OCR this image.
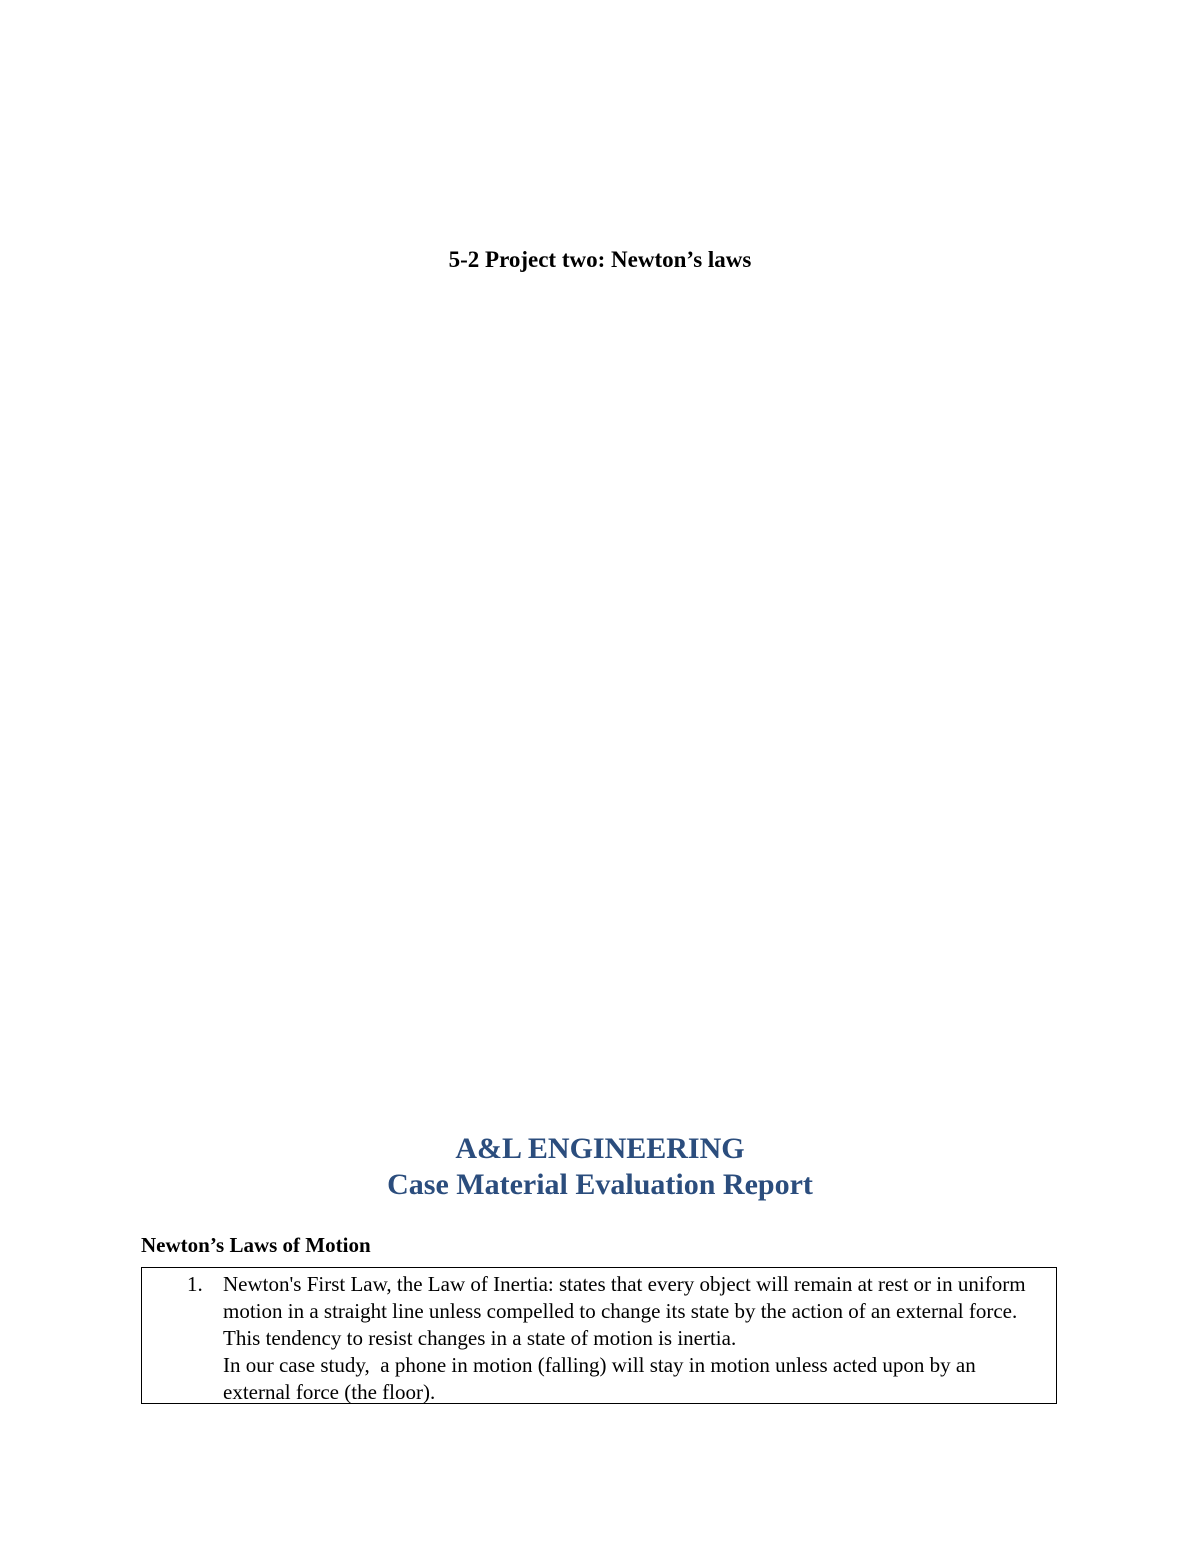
5-2 Project two: Newton’s laws
A&L ENGINEERING
Case Material Evaluation Report
Newton’s Laws of Motion
1. Newton's First Law, the Law of Inertia: states that every object will remain at rest or in uniform motion in a straight line unless compelled to change its state by the action of an external force. This tendency to resist changes in a state of motion is inertia.
In our case study,  a phone in motion (falling) will stay in motion unless acted upon by an external force (the floor).
